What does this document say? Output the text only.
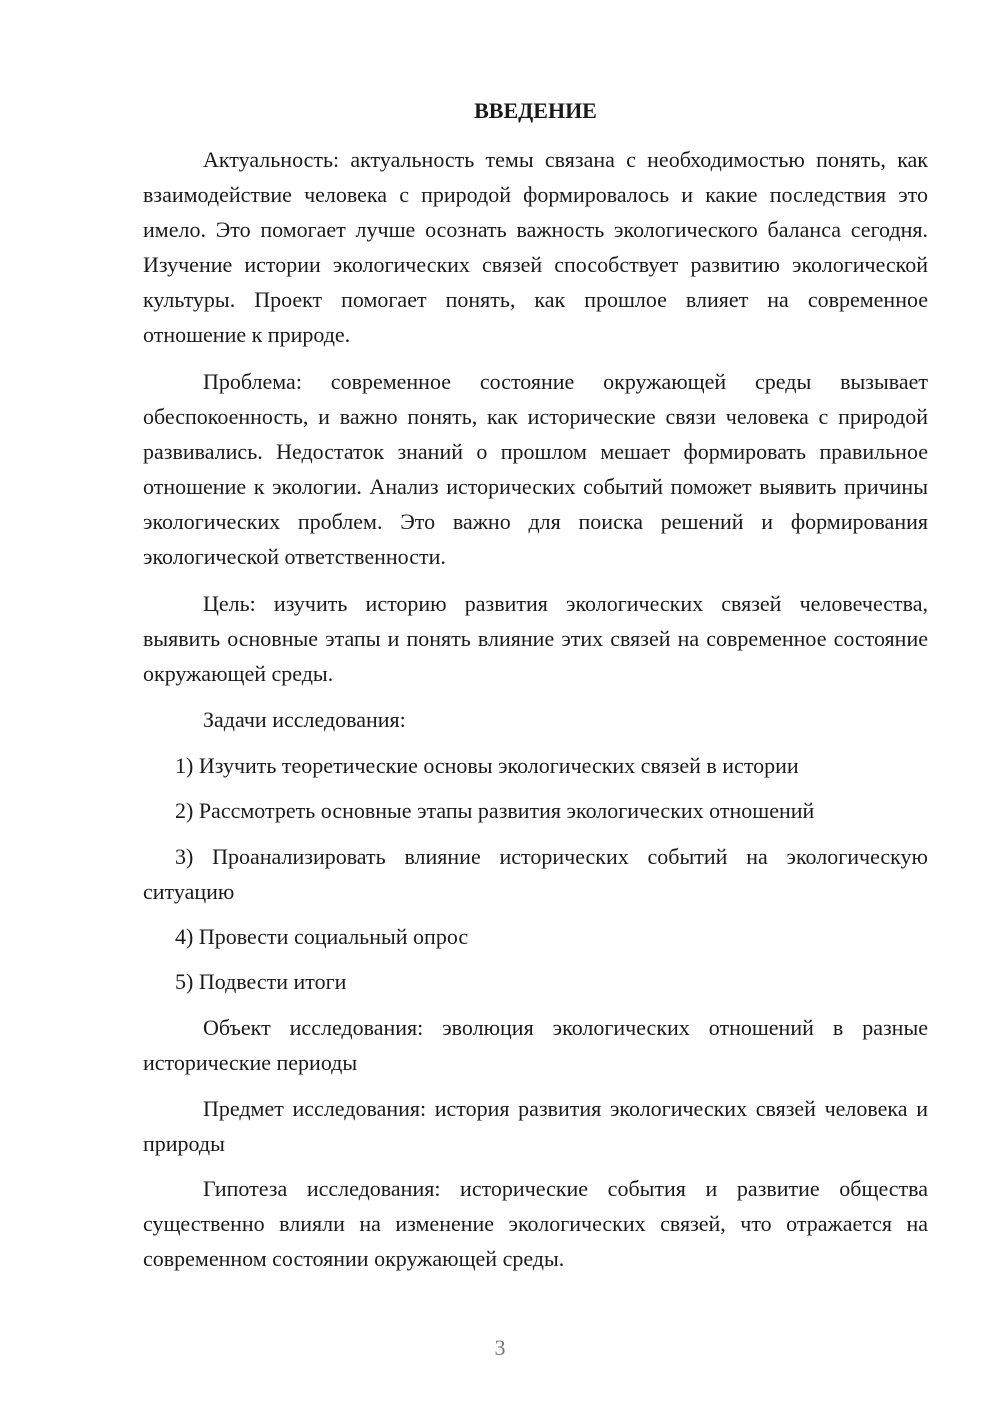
ВВЕДЕНИЕ

Актуальность: актуальность темы связана с необходимостью понять, как взаимодействие человека с природой формировалось и какие последствия это имело. Это помогает лучше осознать важность экологического баланса сегодня. Изучение истории экологических связей способствует развитию экологической культуры. Проект помогает понять, как прошлое влияет на современное отношение к природе.

Проблема: современное состояние окружающей среды вызывает обеспокоенность, и важно понять, как исторические связи человека с природой развивались. Недостаток знаний о прошлом мешает формировать правильное отношение к экологии. Анализ исторических событий поможет выявить причины экологических проблем. Это важно для поиска решений и формирования экологической ответственности.

Цель: изучить историю развития экологических связей человечества, выявить основные этапы и понять влияние этих связей на современное состояние окружающей среды.

Задачи исследования:

1) Изучить теоретические основы экологических связей в истории

2) Рассмотреть основные этапы развития экологических отношений

3) Проанализировать влияние исторических событий на экологическую ситуацию

4) Провести социальный опрос

5) Подвести итоги

Объект исследования: эволюция экологических отношений в разные исторические периоды

Предмет исследования: история развития экологических связей человека и природы

Гипотеза исследования: исторические события и развитие общества существенно влияли на изменение экологических связей, что отражается на современном состоянии окружающей среды.

3
